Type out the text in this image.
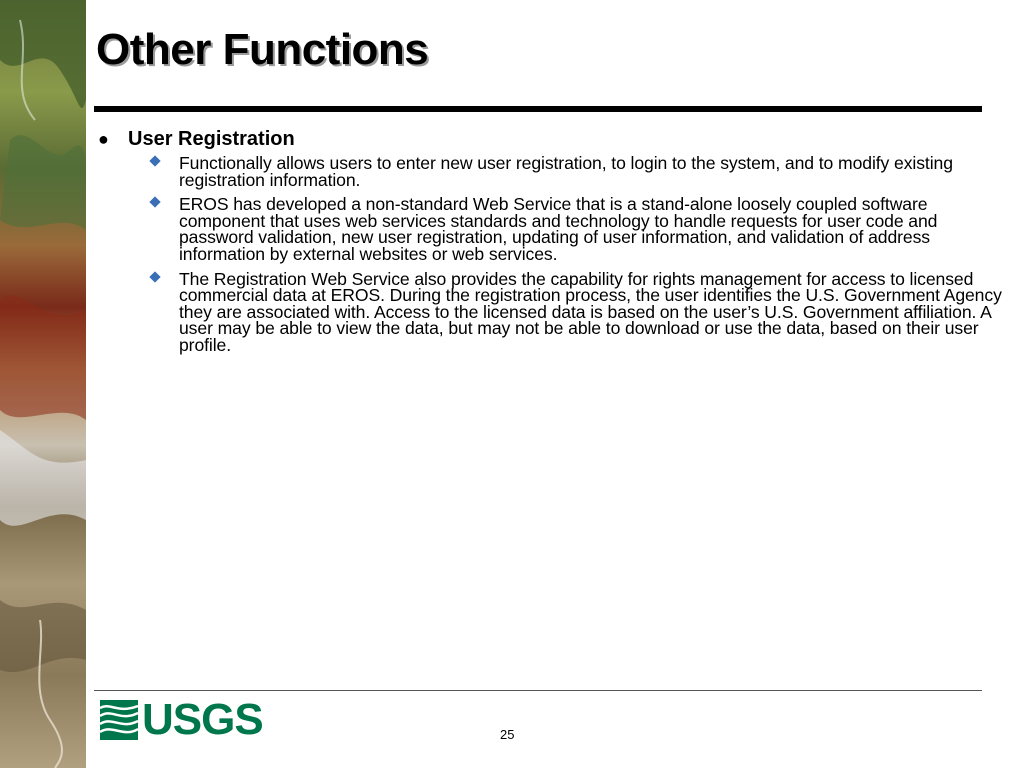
Other Functions
● User Registration
Functionally allows users to enter new user registration, to login to the system, and to modify existing registration information.
EROS has developed a non-standard Web Service that is a stand-alone loosely coupled software component that uses web services standards and technology to handle requests for user code and password validation, new user registration, updating of user information, and validation of address information by external websites or web services.
The Registration Web Service also provides the capability for rights management for access to licensed commercial data at EROS. During the registration process, the user identifies the U.S. Government Agency they are associated with. Access to the licensed data is based on the user’s U.S. Government affiliation. A user may be able to view the data, but may not be able to download or use the data, based on their user profile.
USGS	25
